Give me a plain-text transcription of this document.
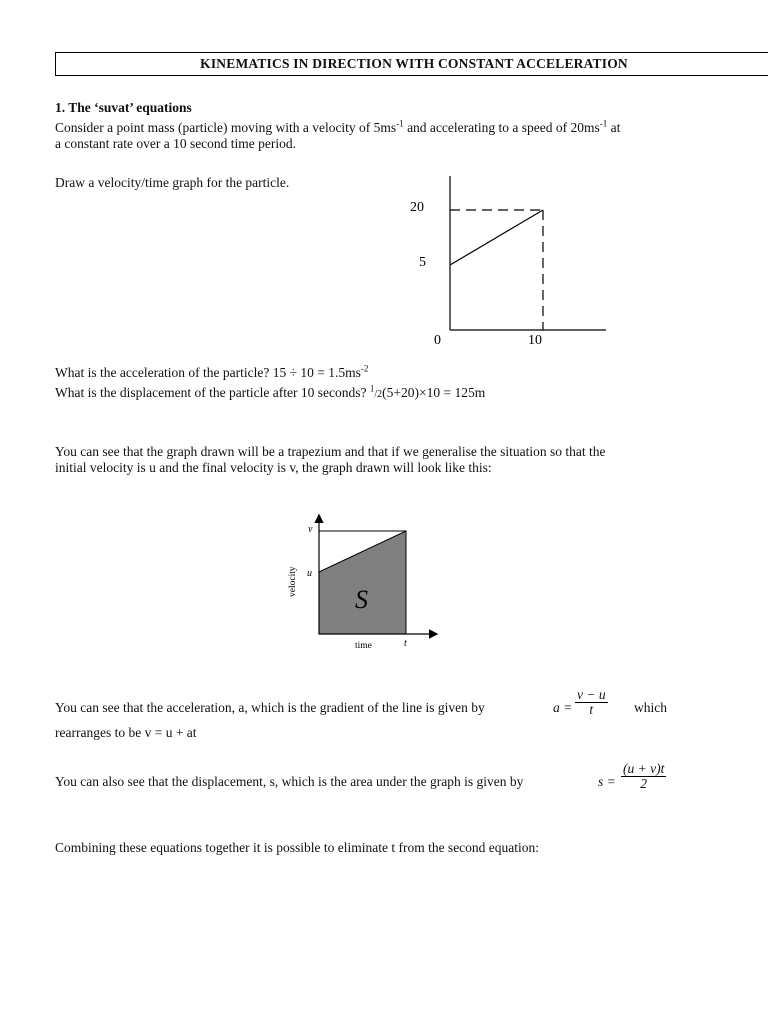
KINEMATICS IN DIRECTION WITH CONSTANT ACCELERATION
1. The ‘suvat’ equations
Consider a point mass (particle) moving with a velocity of $5ms^{-1}$ and accelerating to a speed of $20ms^{-1}$ at
a constant rate over a 10 second time period.
Draw a velocity/time graph for the particle.
20
5
0	10
What is the acceleration of the particle? $15 \div 10 = 1.5ms^{-2}$
What is the displacement of the particle after 10 seconds? $^1$/2(5+20)×10 = 125m
You can see that the graph drawn will be a trapezium and that if we generalise the situation so that the
initial velocity is u and the final velocity is v, the graph drawn will look like this:
v
u
S
velocity
time	t
You can see that the acceleration, a, which is the gradient of the line is given by	$a = \frac{v - u}{t}$ which
rearranges to be v = u + at
You can also see that the displacement, s, which is the area under the graph is given by	$s = \frac{(u + v)t}{2}$
Combining these equations together it is possible to eliminate t from the second equation:
